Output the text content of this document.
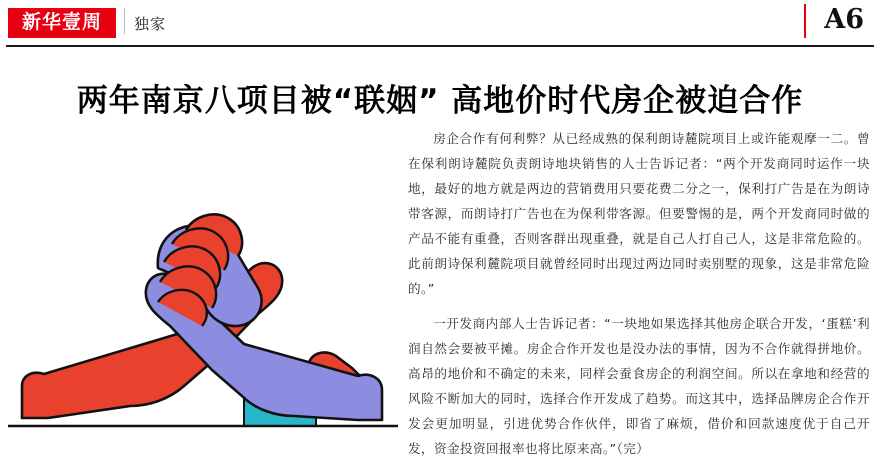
新华壹周 独家	A6
两年南京八项目被“联姻” 高地价时代房企被迫合作

房企合作有何利弊？从已经成熟的保利朗诗麓院项目上或许能观摩一二。曾在保利朗诗麓院负责朗诗地块销售的人士告诉记者：“两个开发商同时运作一块地，最好的地方就是两边的营销费用只要花费二分之一，保利打广告是在为朗诗带客源，而朗诗打广告也在为保利带客源。但要警惕的是，两个开发商同时做的产品不能有重叠，否则客群出现重叠，就是自己人打自己人，这是非常危险的。此前朗诗保利麓院项目就曾经同时出现过两边同时卖别墅的现象，这是非常危险的。”

一开发商内部人士告诉记者：“一块地如果选择其他房企联合开发，‘蛋糕’利润自然会要被平摊。房企合作开发也是没办法的事情，因为不合作就得拼地价。高昂的地价和不确定的未来，同样会蚕食房企的利润空间。所以在拿地和经营的风险不断加大的同时，选择合作开发成了趋势。而这其中，选择品牌房企合作开发会更加明显，引进优势合作伙伴，即省了麻烦，借价和回款速度优于自己开发，资金投资回报率也将比原来高。”（完）
